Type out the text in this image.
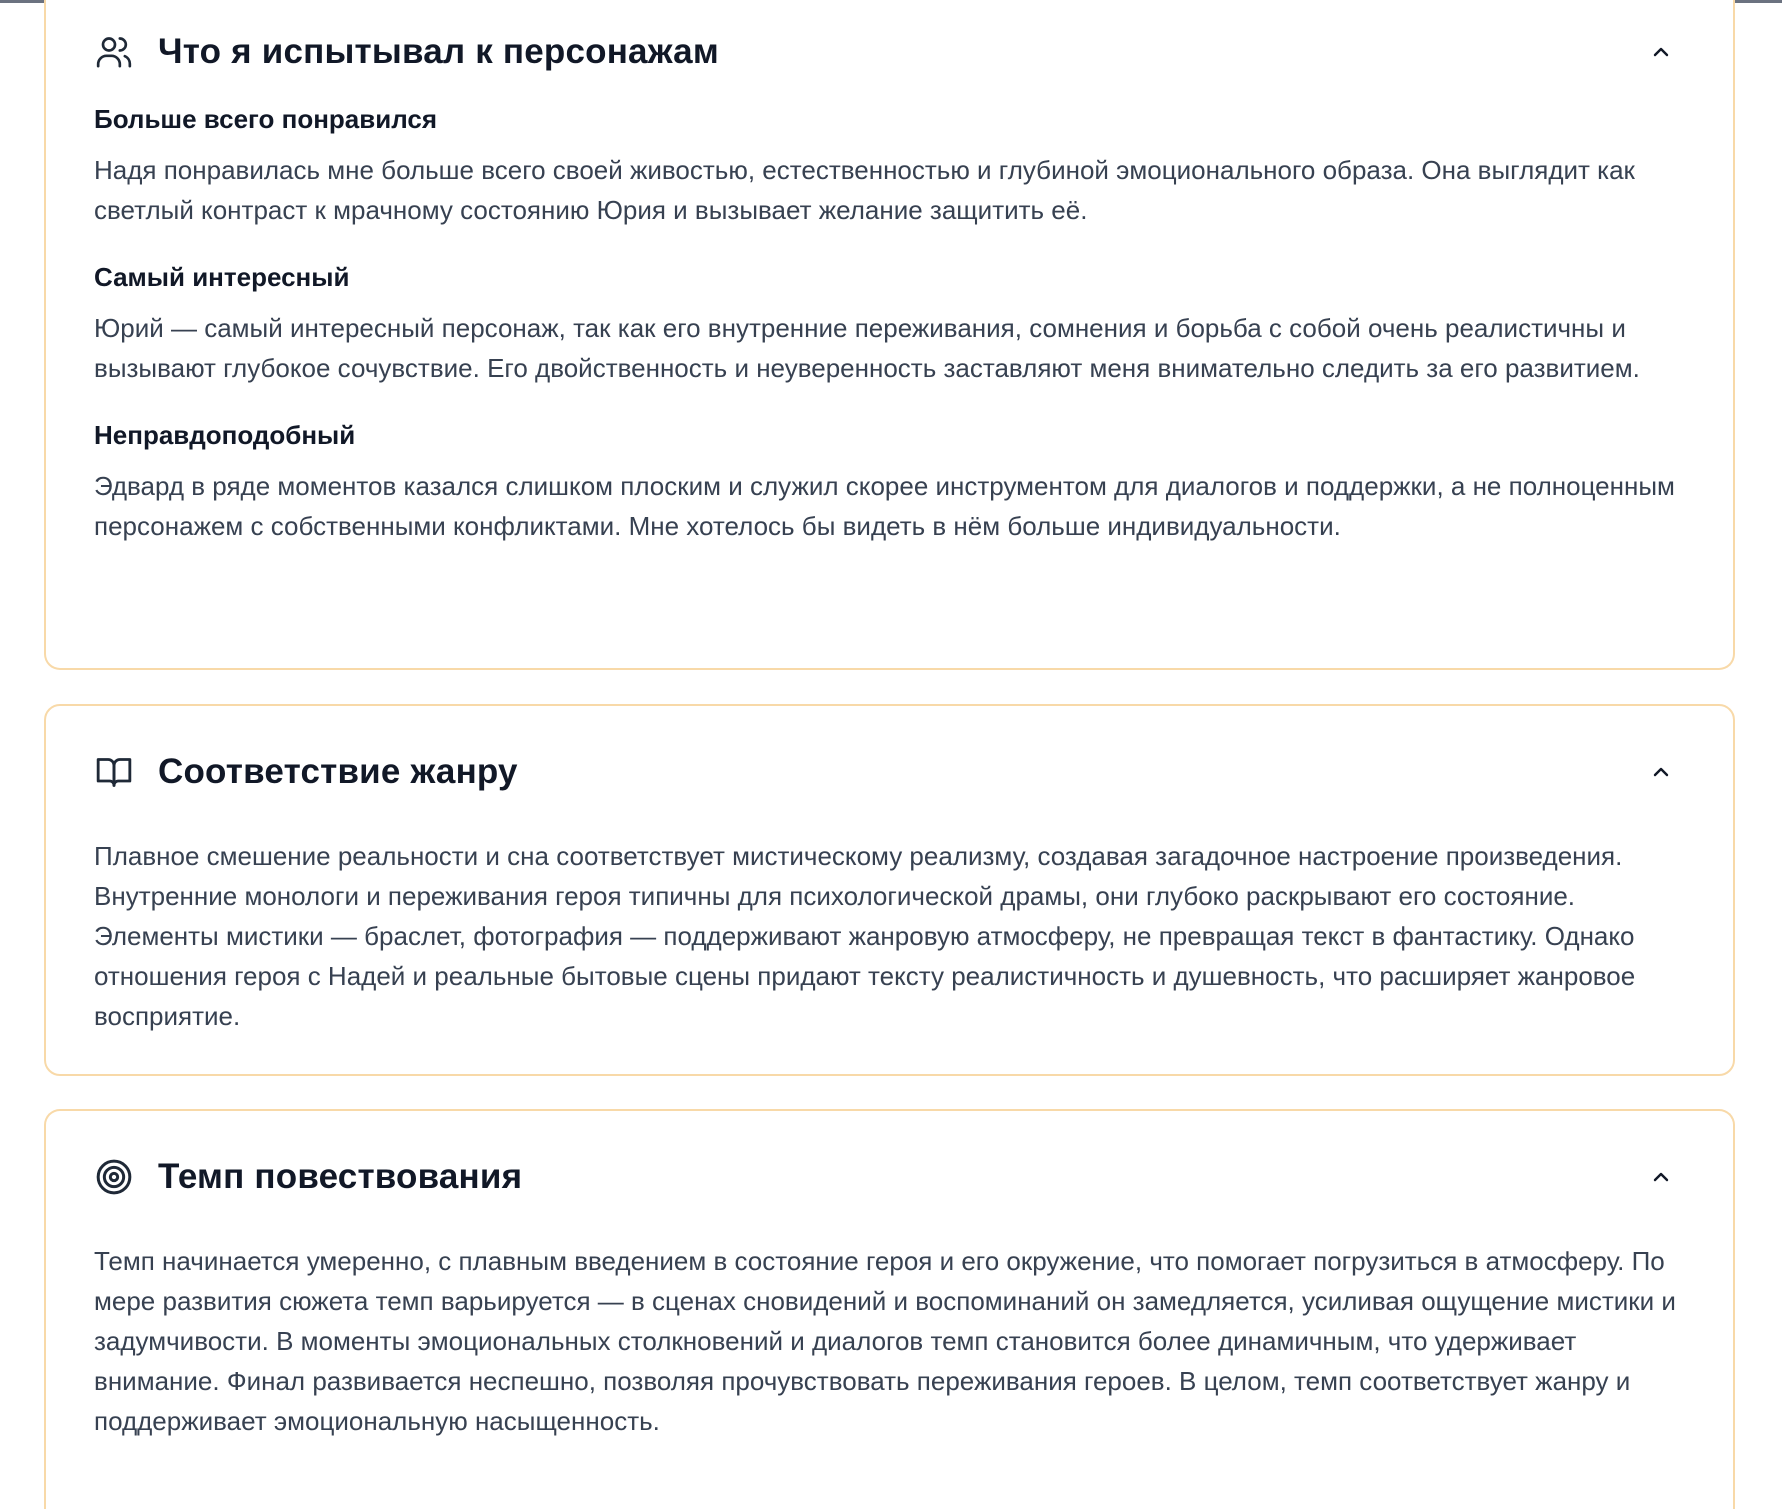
Что я испытывал к персонажам
Больше всего понравился

Надя понравилась мне больше всего своей живостью, естественностью и глубиной эмоционального образа. Она выглядит как светлый контраст к мрачному состоянию Юрия и вызывает желание защитить её.

Самый интересный

Юрий — самый интересный персонаж, так как его внутренние переживания, сомнения и борьба с собой очень реалистичны и вызывают глубокое сочувствие. Его двойственность и неуверенность заставляют меня внимательно следить за его развитием.

Неправдоподобный

Эдвард в ряде моментов казался слишком плоским и служил скорее инструментом для диалогов и поддержки, а не полноценным персонажем с собственными конфликтами. Мне хотелось бы видеть в нём больше индивидуальности.

Соответствие жанру

Плавное смешение реальности и сна соответствует мистическому реализму, создавая загадочное настроение произведения. Внутренние монологи и переживания героя типичны для психологической драмы, они глубоко раскрывают его состояние. Элементы мистики — браслет, фотография — поддерживают жанровую атмосферу, не превращая текст в фантастику. Однако отношения героя с Надей и реальные бытовые сцены придают тексту реалистичность и душевность, что расширяет жанровое восприятие.

Темп повествования

Темп начинается умеренно, с плавным введением в состояние героя и его окружение, что помогает погрузиться в атмосферу. По мере развития сюжета темп варьируется — в сценах сновидений и воспоминаний он замедляется, усиливая ощущение мистики и задумчивости. В моменты эмоциональных столкновений и диалогов темп становится более динамичным, что удерживает внимание. Финал развивается неспешно, позволяя прочувствовать переживания героев. В целом, темп соответствует жанру и поддерживает эмоциональную насыщенность.
